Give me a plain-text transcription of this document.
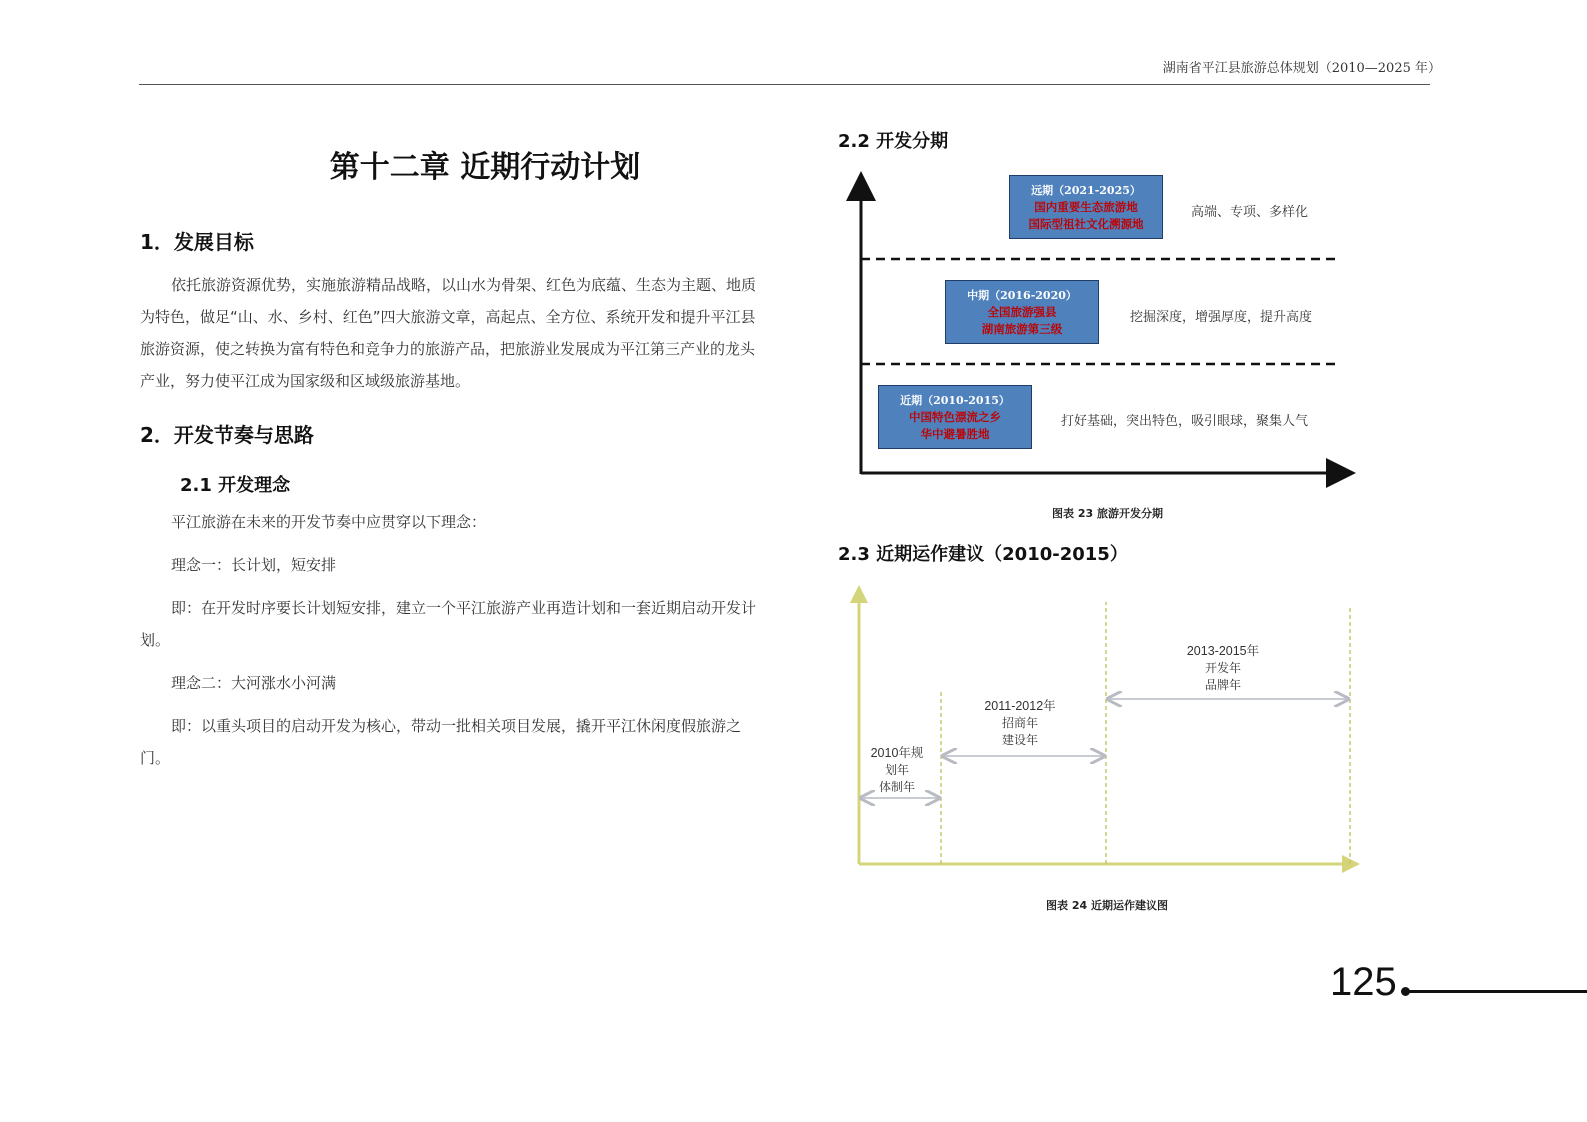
湖南省平江县旅游总体规划（2010—2025 年）
第十二章 近期行动计划
1．发展目标

依托旅游资源优势，实施旅游精品战略，以山水为骨架、红色为底蕴、生态为主题、地质为特色，做足“山、水、乡村、红色”四大旅游文章，高起点、全方位、系统开发和提升平江县旅游资源，使之转换为富有特色和竞争力的旅游产品，把旅游业发展成为平江第三产业的龙头产业，努力使平江成为国家级和区域级旅游基地。

2．开发节奏与思路
2.1 开发理念

平江旅游在未来的开发节奏中应贯穿以下理念：

理念一：长计划，短安排

即：在开发时序要长计划短安排，建立一个平江旅游产业再造计划和一套近期启动开发计划。

理念二：大河涨水小河满

即：以重头项目的启动开发为核心，带动一批相关项目发展，撬开平江休闲度假旅游之门。

2.2 开发分期
远期（2021-2025）
国内重要生态旅游地
国际型祖社文化溯源地
高端、专项、多样化
中期（2016-2020）
全国旅游强县
湖南旅游第三级
挖掘深度，增强厚度，提升高度
近期（2010-2015）
中国特色漂流之乡
华中避暑胜地
打好基础，突出特色，吸引眼球，聚集人气
图表 23 旅游开发分期
2.3 近期运作建议（2010-2015）
2010年规
划年
体制年
2011-2012年
招商年
建设年
2013-2015年
开发年
品牌年
图表 24 近期运作建议图
125
